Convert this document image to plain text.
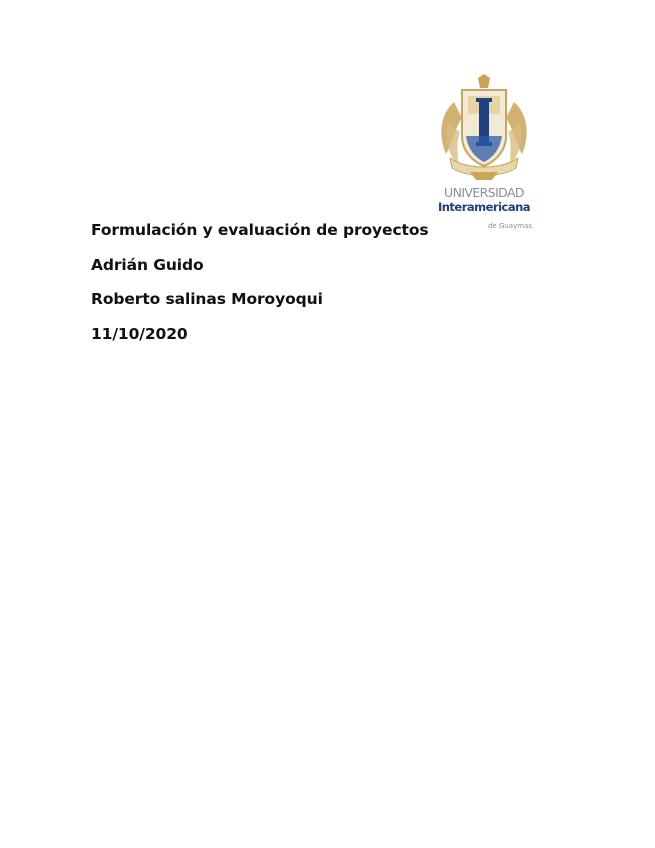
UNIVERSIDAD
Interamericana
de Guaymas
Formulación y evaluación de proyectos
Adrián Guido
Roberto salinas Moroyoqui
11/10/2020
